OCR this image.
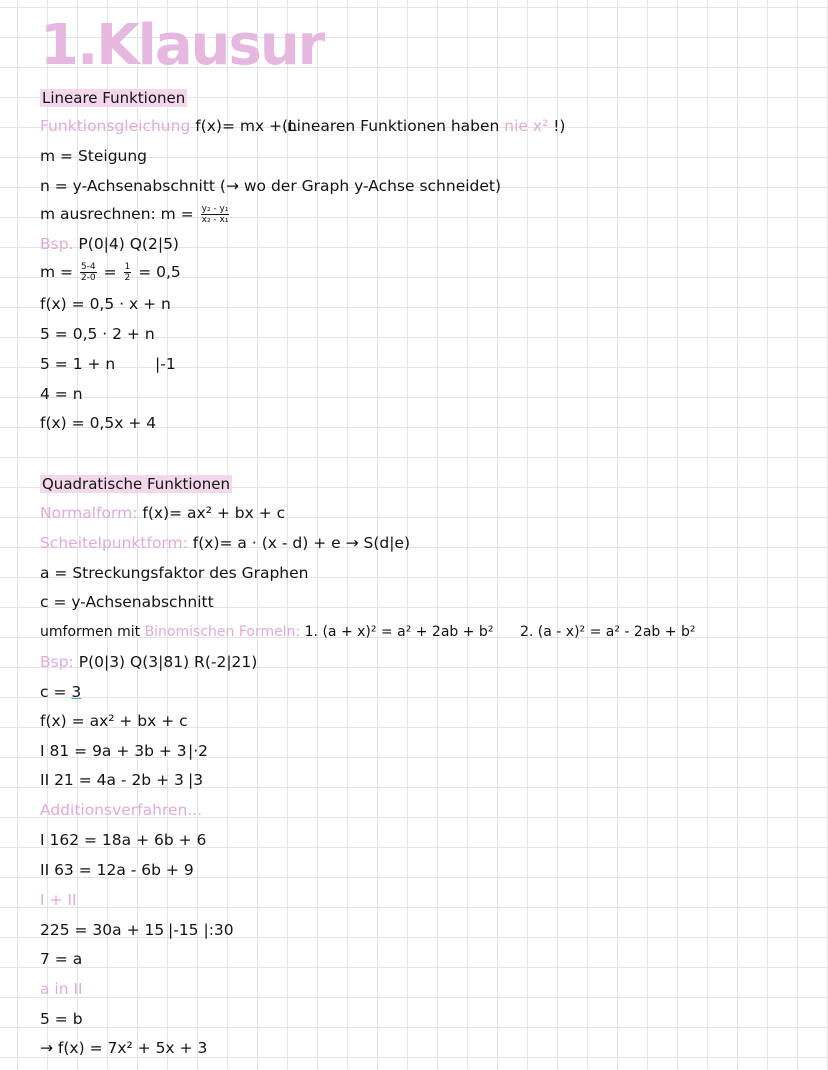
1.Klausur
Lineare Funktionen
Funktionsgleichung f(x)= mx + n
(Linearen Funktionen haben nie x² !)
m = Steigung
n = y-Achsenabschnitt (→ wo der Graph y-Achse schneidet)
m ausrechnen: $m = \frac{\text{y₂ - y₁}}{\text{x₂ - x₁}}$
Bsp. P(0|4) Q(2|5)
$m = \frac{5-4}{2-0} = \frac{1}{2} = 0,5$
f(x) = 0,5 · x + n
5 = 0,5 · 2 + n
5 = 1 + n	|-1
4 = n
f(x) = 0,5x + 4
Quadratische Funktionen
Normalform: f(x)= ax² + bx + c
Scheitelpunktform: f(x)= a · (x - d) + e → S(d|e)
a = Streckungsfaktor des Graphen
c = y-Achsenabschnitt
umformen mit Binomischen Formeln: 1. (a + x)² = a² + 2ab + b² 2. (a - x)² = a² - 2ab + b²
Bsp: P(0|3) Q(3|81) R(-2|21)
c = 3
f(x) = ax² + bx + c
I 81 = 9a + 3b + 3 |·2
II 21 = 4a - 2b + 3 |3
Additionsverfahren...
I 162 = 18a + 6b + 6
II 63 = 12a - 6b + 9
I + II
225 = 30a + 15 |-15 |:30
7 = a
a in II
5 = b
→ f(x) = 7x² + 5x + 3
